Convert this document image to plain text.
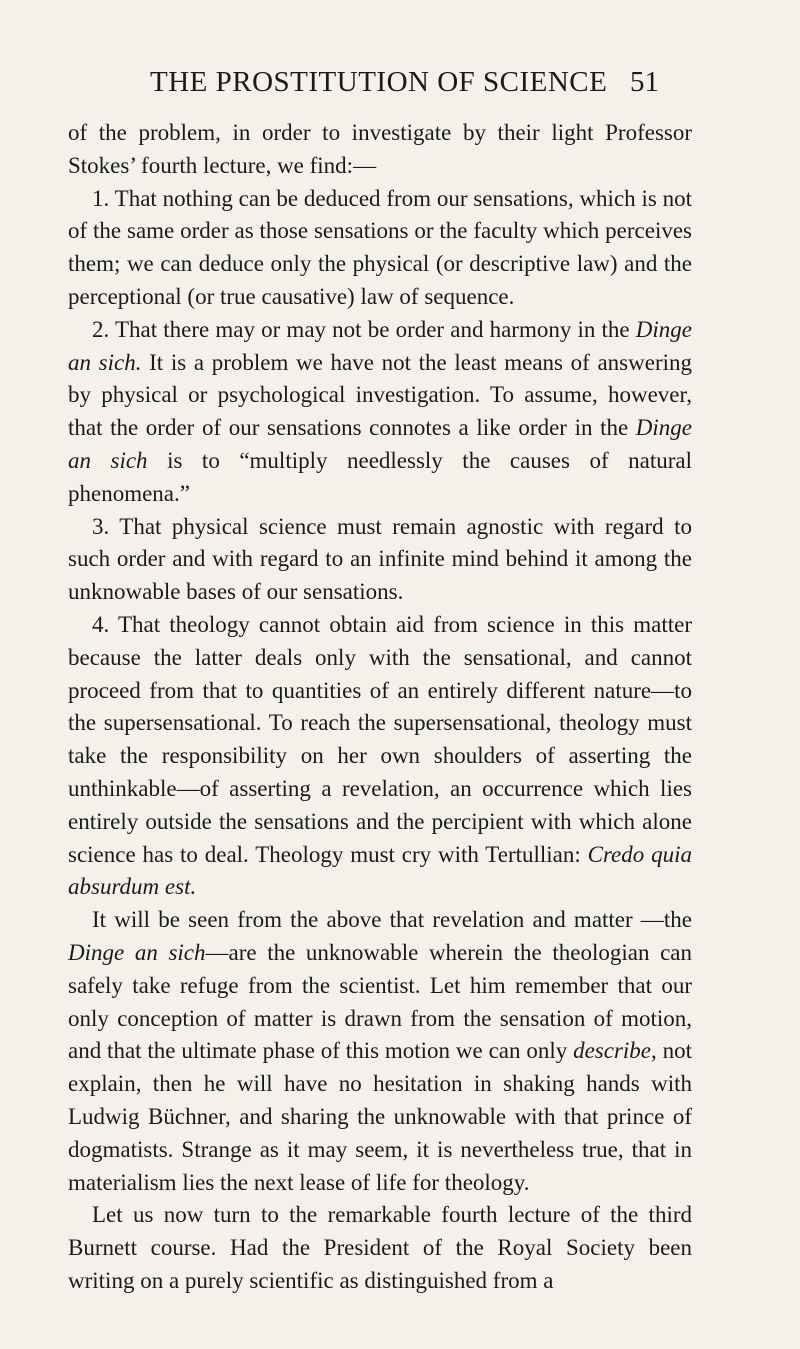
THE PROSTITUTION OF SCIENCE 51

of the problem, in order to investigate by their light Professor Stokes’ fourth lecture, we find:—

1. That nothing can be deduced from our sensations, which is not of the same order as those sensations or the faculty which perceives them; we can deduce only the physical (or descriptive law) and the perceptional (or true causative) law of sequence.

2. That there may or may not be order and harmony in the Dinge an sich. It is a problem we have not the least means of answering by physical or psychological investigation. To assume, however, that the order of our sensations connotes a like order in the Dinge an sich is to “multiply needlessly the causes of natural phenomena.”

3. That physical science must remain agnostic with regard to such order and with regard to an infinite mind behind it among the unknowable bases of our sensations.

4. That theology cannot obtain aid from science in this matter because the latter deals only with the sensational, and cannot proceed from that to quantities of an entirely different nature—to the supersensational. To reach the supersensational, theology must take the responsibility on her own shoulders of asserting the unthinkable—of asserting a revelation, an occurrence which lies entirely outside the sensations and the percipient with which alone science has to deal. Theology must cry with Tertullian: Credo quia absurdum est.

It will be seen from the above that revelation and matter —the Dinge an sich—are the unknowable wherein the theologian can safely take refuge from the scientist. Let him remember that our only conception of matter is drawn from the sensation of motion, and that the ultimate phase of this motion we can only describe, not explain, then he will have no hesitation in shaking hands with Ludwig Büchner, and sharing the unknowable with that prince of dogmatists. Strange as it may seem, it is nevertheless true, that in materialism lies the next lease of life for theology.

Let us now turn to the remarkable fourth lecture of the third Burnett course. Had the President of the Royal Society been writing on a purely scientific as distinguished from a
